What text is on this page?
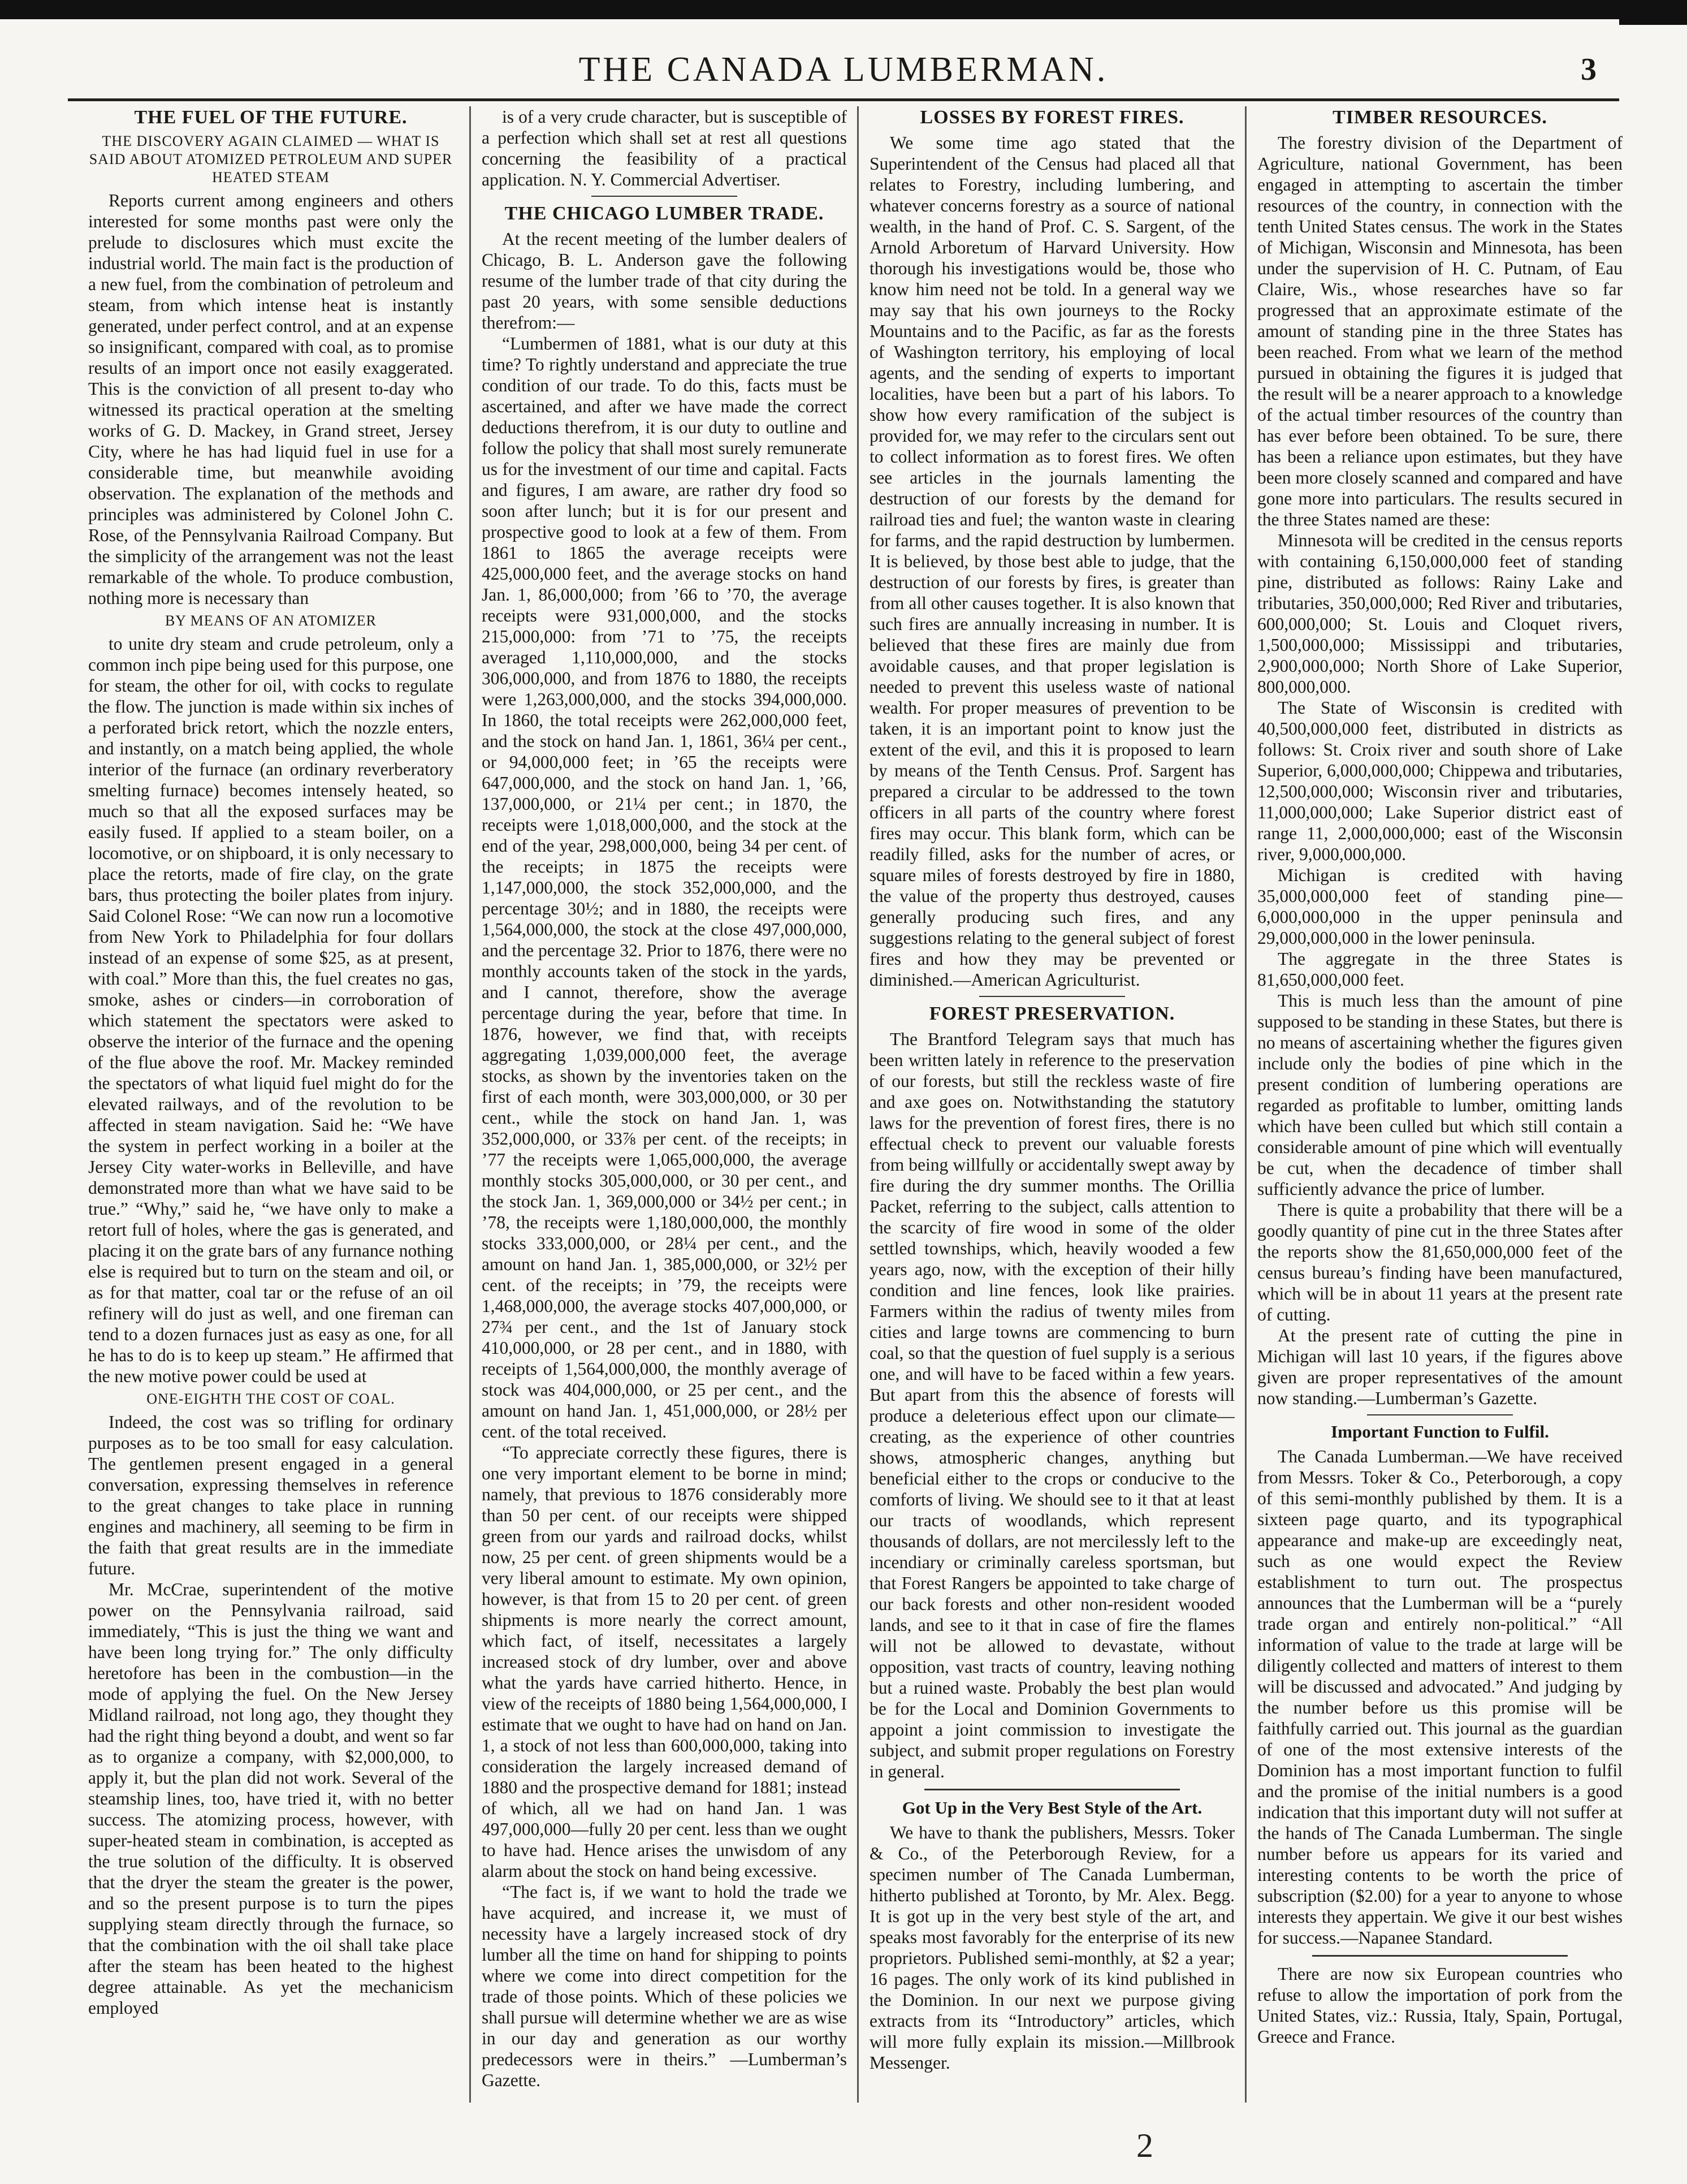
THE CANADA LUMBERMAN.	3
THE FUEL OF THE FUTURE.
THE DISCOVERY AGAIN CLAIMED — WHAT IS SAID ABOUT ATOMIZED PETROLEUM AND SUPER HEATED STEAM

Reports current among engineers and others interested for some months past were only the prelude to disclosures which must excite the industrial world. The main fact is the production of a new fuel, from the combination of petroleum and steam, from which intense heat is instantly generated, under perfect control, and at an expense so insignificant, compared with coal, as to promise results of an import once not easily exaggerated. This is the conviction of all present to-day who witnessed its practical operation at the smelting works of G. D. Mackey, in Grand street, Jersey City, where he has had liquid fuel in use for a considerable time, but meanwhile avoiding observation. The explanation of the methods and principles was administered by Colonel John C. Rose, of the Pennsylvania Railroad Company. But the simplicity of the arrangement was not the least remarkable of the whole. To produce combustion, nothing more is necessary than

BY MEANS OF AN ATOMIZER

to unite dry steam and crude petroleum, only a common inch pipe being used for this purpose, one for steam, the other for oil, with cocks to regulate the flow. The junction is made within six inches of a perforated brick retort, which the nozzle enters, and instantly, on a match being applied, the whole interior of the furnace (an ordinary reverberatory smelting furnace) becomes intensely heated, so much so that all the exposed surfaces may be easily fused. If applied to a steam boiler, on a locomotive, or on shipboard, it is only necessary to place the retorts, made of fire clay, on the grate bars, thus protecting the boiler plates from injury. Said Colonel Rose: “We can now run a locomotive from New York to Philadelphia for four dollars instead of an expense of some $25, as at present, with coal.” More than this, the fuel creates no gas, smoke, ashes or cinders—in corroboration of which statement the spectators were asked to observe the interior of the furnace and the opening of the flue above the roof. Mr. Mackey reminded the spectators of what liquid fuel might do for the elevated railways, and of the revolution to be affected in steam navigation. Said he: “We have the system in perfect working in a boiler at the Jersey City water-works in Belleville, and have demonstrated more than what we have said to be true.” “Why,” said he, “we have only to make a retort full of holes, where the gas is generated, and placing it on the grate bars of any furnance nothing else is required but to turn on the steam and oil, or as for that matter, coal tar or the refuse of an oil refinery will do just as well, and one fireman can tend to a dozen furnaces just as easy as one, for all he has to do is to keep up steam.” He affirmed that the new motive power could be used at

ONE-EIGHTH THE COST OF COAL.

Indeed, the cost was so trifling for ordinary purposes as to be too small for easy calculation. The gentlemen present engaged in a general conversation, expressing themselves in reference to the great changes to take place in running engines and machinery, all seeming to be firm in the faith that great results are in the immediate future.

Mr. McCrae, superintendent of the motive power on the Pennsylvania railroad, said immediately, “This is just the thing we want and have been long trying for.” The only difficulty heretofore has been in the combustion—in the mode of applying the fuel. On the New Jersey Midland railroad, not long ago, they thought they had the right thing beyond a doubt, and went so far as to organize a company, with $2,000,000, to apply it, but the plan did not work. Several of the steamship lines, too, have tried it, with no better success. The atomizing process, however, with super-heated steam in combination, is accepted as the true solution of the difficulty. It is observed that the dryer the steam the greater is the power, and so the present purpose is to turn the pipes supplying steam directly through the furnace, so that the combination with the oil shall take place after the steam has been heated to the highest degree attainable. As yet the mechanicism employed

is of a very crude character, but is susceptible of a perfection which shall set at rest all questions concerning the feasibility of a practical application. N. Y. Commercial Advertiser.

THE CHICAGO LUMBER TRADE.

At the recent meeting of the lumber dealers of Chicago, B. L. Anderson gave the following resume of the lumber trade of that city during the past 20 years, with some sensible deductions therefrom:—

“Lumbermen of 1881, what is our duty at this time? To rightly understand and appreciate the true condition of our trade. To do this, facts must be ascertained, and after we have made the correct deductions therefrom, it is our duty to outline and follow the policy that shall most surely remunerate us for the investment of our time and capital. Facts and figures, I am aware, are rather dry food so soon after lunch; but it is for our present and prospective good to look at a few of them. From 1861 to 1865 the average receipts were 425,000,000 feet, and the average stocks on hand Jan. 1, 86,000,000; from ’66 to ’70, the average receipts were 931,000,000, and the stocks 215,000,000: from ’71 to ’75, the receipts averaged 1,110,000,000, and the stocks 306,000,000, and from 1876 to 1880, the receipts were 1,263,000,000, and the stocks 394,000,000. In 1860, the total receipts were 262,000,000 feet, and the stock on hand Jan. 1, 1861, 36¼ per cent., or 94,000,000 feet; in ’65 the receipts were 647,000,000, and the stock on hand Jan. 1, ’66, 137,000,000, or 21¼ per cent.; in 1870, the receipts were 1,018,000,000, and the stock at the end of the year, 298,000,000, being 34 per cent. of the receipts; in 1875 the receipts were 1,147,000,000, the stock 352,000,000, and the percentage 30½; and in 1880, the receipts were 1,564,000,000, the stock at the close 497,000,000, and the percentage 32. Prior to 1876, there were no monthly accounts taken of the stock in the yards, and I cannot, therefore, show the average percentage during the year, before that time. In 1876, however, we find that, with receipts aggregating 1,039,000,000 feet, the average stocks, as shown by the inventories taken on the first of each month, were 303,000,000, or 30 per cent., while the stock on hand Jan. 1, was 352,000,000, or 33⅞ per cent. of the receipts; in ’77 the receipts were 1,065,000,000, the average monthly stocks 305,000,000, or 30 per cent., and the stock Jan. 1, 369,000,000 or 34½ per cent.; in ’78, the receipts were 1,180,000,000, the monthly stocks 333,000,000, or 28¼ per cent., and the amount on hand Jan. 1, 385,000,000, or 32½ per cent. of the receipts; in ’79, the receipts were 1,468,000,000, the average stocks 407,000,000, or 27¾ per cent., and the 1st of January stock 410,000,000, or 28 per cent., and in 1880, with receipts of 1,564,000,000, the monthly average of stock was 404,000,000, or 25 per cent., and the amount on hand Jan. 1, 451,000,000, or 28½ per cent. of the total received.

“To appreciate correctly these figures, there is one very important element to be borne in mind; namely, that previous to 1876 considerably more than 50 per cent. of our receipts were shipped green from our yards and railroad docks, whilst now, 25 per cent. of green shipments would be a very liberal amount to estimate. My own opinion, however, is that from 15 to 20 per cent. of green shipments is more nearly the correct amount, which fact, of itself, necessitates a largely increased stock of dry lumber, over and above what the yards have carried hitherto. Hence, in view of the receipts of 1880 being 1,564,000,000, I estimate that we ought to have had on hand on Jan. 1, a stock of not less than 600,000,000, taking into consideration the largely increased demand of 1880 and the prospective demand for 1881; instead of which, all we had on hand Jan. 1 was 497,000,000—fully 20 per cent. less than we ought to have had. Hence arises the unwisdom of any alarm about the stock on hand being excessive.

“The fact is, if we want to hold the trade we have acquired, and increase it, we must of necessity have a largely increased stock of dry lumber all the time on hand for shipping to points where we come into direct competition for the trade of those points. Which of these policies we shall pursue will determine whether we are as wise in our day and generation as our worthy predecessors were in theirs.” —Lumberman’s Gazette.

LOSSES BY FOREST FIRES.

We some time ago stated that the Superintendent of the Census had placed all that relates to Forestry, including lumbering, and whatever concerns forestry as a source of national wealth, in the hand of Prof. C. S. Sargent, of the Arnold Arboretum of Harvard University. How thorough his investigations would be, those who know him need not be told. In a general way we may say that his own journeys to the Rocky Mountains and to the Pacific, as far as the forests of Washington territory, his employing of local agents, and the sending of experts to important localities, have been but a part of his labors. To show how every ramification of the subject is provided for, we may refer to the circulars sent out to collect information as to forest fires. We often see articles in the journals lamenting the destruction of our forests by the demand for railroad ties and fuel; the wanton waste in clearing for farms, and the rapid destruction by lumbermen. It is believed, by those best able to judge, that the destruction of our forests by fires, is greater than from all other causes together. It is also known that such fires are annually increasing in number. It is believed that these fires are mainly due from avoidable causes, and that proper legislation is needed to prevent this useless waste of national wealth. For proper measures of prevention to be taken, it is an important point to know just the extent of the evil, and this it is proposed to learn by means of the Tenth Census. Prof. Sargent has prepared a circular to be addressed to the town officers in all parts of the country where forest fires may occur. This blank form, which can be readily filled, asks for the number of acres, or square miles of forests destroyed by fire in 1880, the value of the property thus destroyed, causes generally producing such fires, and any suggestions relating to the general subject of forest fires and how they may be prevented or diminished.—American Agriculturist.

FOREST PRESERVATION.

The Brantford Telegram says that much has been written lately in reference to the preservation of our forests, but still the reckless waste of fire and axe goes on. Notwithstanding the statutory laws for the prevention of forest fires, there is no effectual check to prevent our valuable forests from being willfully or accidentally swept away by fire during the dry summer months. The Orillia Packet, referring to the subject, calls attention to the scarcity of fire wood in some of the older settled townships, which, heavily wooded a few years ago, now, with the exception of their hilly condition and line fences, look like prairies. Farmers within the radius of twenty miles from cities and large towns are commencing to burn coal, so that the question of fuel supply is a serious one, and will have to be faced within a few years. But apart from this the absence of forests will produce a deleterious effect upon our climate—creating, as the experience of other countries shows, atmospheric changes, anything but beneficial either to the crops or conducive to the comforts of living. We should see to it that at least our tracts of woodlands, which represent thousands of dollars, are not mercilessly left to the incendiary or criminally careless sportsman, but that Forest Rangers be appointed to take charge of our back forests and other non-resident wooded lands, and see to it that in case of fire the flames will not be allowed to devastate, without opposition, vast tracts of country, leaving nothing but a ruined waste. Probably the best plan would be for the Local and Dominion Governments to appoint a joint commission to investigate the subject, and submit proper regulations on Forestry in general.

Got Up in the Very Best Style of the Art.

We have to thank the publishers, Messrs. Toker & Co., of the Peterborough Review, for a specimen number of The Canada Lumberman, hitherto published at Toronto, by Mr. Alex. Begg. It is got up in the very best style of the art, and speaks most favorably for the enterprise of its new proprietors. Published semi-monthly, at $2 a year; 16 pages. The only work of its kind published in the Dominion. In our next we purpose giving extracts from its “Introductory” articles, which will more fully explain its mission.—Millbrook Messenger.

TIMBER RESOURCES.

The forestry division of the Department of Agriculture, national Government, has been engaged in attempting to ascertain the timber resources of the country, in connection with the tenth United States census. The work in the States of Michigan, Wisconsin and Minnesota, has been under the supervision of H. C. Putnam, of Eau Claire, Wis., whose researches have so far progressed that an approximate estimate of the amount of standing pine in the three States has been reached. From what we learn of the method pursued in obtaining the figures it is judged that the result will be a nearer approach to a knowledge of the actual timber resources of the country than has ever before been obtained. To be sure, there has been a reliance upon estimates, but they have been more closely scanned and compared and have gone more into particulars. The results secured in the three States named are these:

Minnesota will be credited in the census reports with containing 6,150,000,000 feet of standing pine, distributed as follows: Rainy Lake and tributaries, 350,000,000; Red River and tributaries, 600,000,000; St. Louis and Cloquet rivers, 1,500,000,000; Mississippi and tributaries, 2,900,000,000; North Shore of Lake Superior, 800,000,000.

The State of Wisconsin is credited with 40,500,000,000 feet, distributed in districts as follows: St. Croix river and south shore of Lake Superior, 6,000,000,000; Chippewa and tributaries, 12,500,000,000; Wisconsin river and tributaries, 11,000,000,000; Lake Superior district east of range 11, 2,000,000,000; east of the Wisconsin river, 9,000,000,000.

Michigan is credited with having 35,000,000,000 feet of standing pine—6,000,000,000 in the upper peninsula and 29,000,000,000 in the lower peninsula.

The aggregate in the three States is 81,650,000,000 feet.

This is much less than the amount of pine supposed to be standing in these States, but there is no means of ascertaining whether the figures given include only the bodies of pine which in the present condition of lumbering operations are regarded as profitable to lumber, omitting lands which have been culled but which still contain a considerable amount of pine which will eventually be cut, when the decadence of timber shall sufficiently advance the price of lumber.

There is quite a probability that there will be a goodly quantity of pine cut in the three States after the reports show the 81,650,000,000 feet of the census bureau’s finding have been manufactured, which will be in about 11 years at the present rate of cutting.

At the present rate of cutting the pine in Michigan will last 10 years, if the figures above given are proper representatives of the amount now standing.—Lumberman’s Gazette.

Important Function to Fulfil.

The Canada Lumberman.—We have received from Messrs. Toker & Co., Peterborough, a copy of this semi-monthly published by them. It is a sixteen page quarto, and its typographical appearance and make-up are exceedingly neat, such as one would expect the Review establishment to turn out. The prospectus announces that the Lumberman will be a “purely trade organ and entirely non-political.” “All information of value to the trade at large will be diligently collected and matters of interest to them will be discussed and advocated.” And judging by the number before us this promise will be faithfully carried out. This journal as the guardian of one of the most extensive interests of the Dominion has a most important function to fulfil and the promise of the initial numbers is a good indication that this important duty will not suffer at the hands of The Canada Lumberman. The single number before us appears for its varied and interesting contents to be worth the price of subscription ($2.00) for a year to anyone to whose interests they appertain. We give it our best wishes for success.—Napanee Standard.

There are now six European countries who refuse to allow the importation of pork from the United States, viz.: Russia, Italy, Spain, Portugal, Greece and France.

2
